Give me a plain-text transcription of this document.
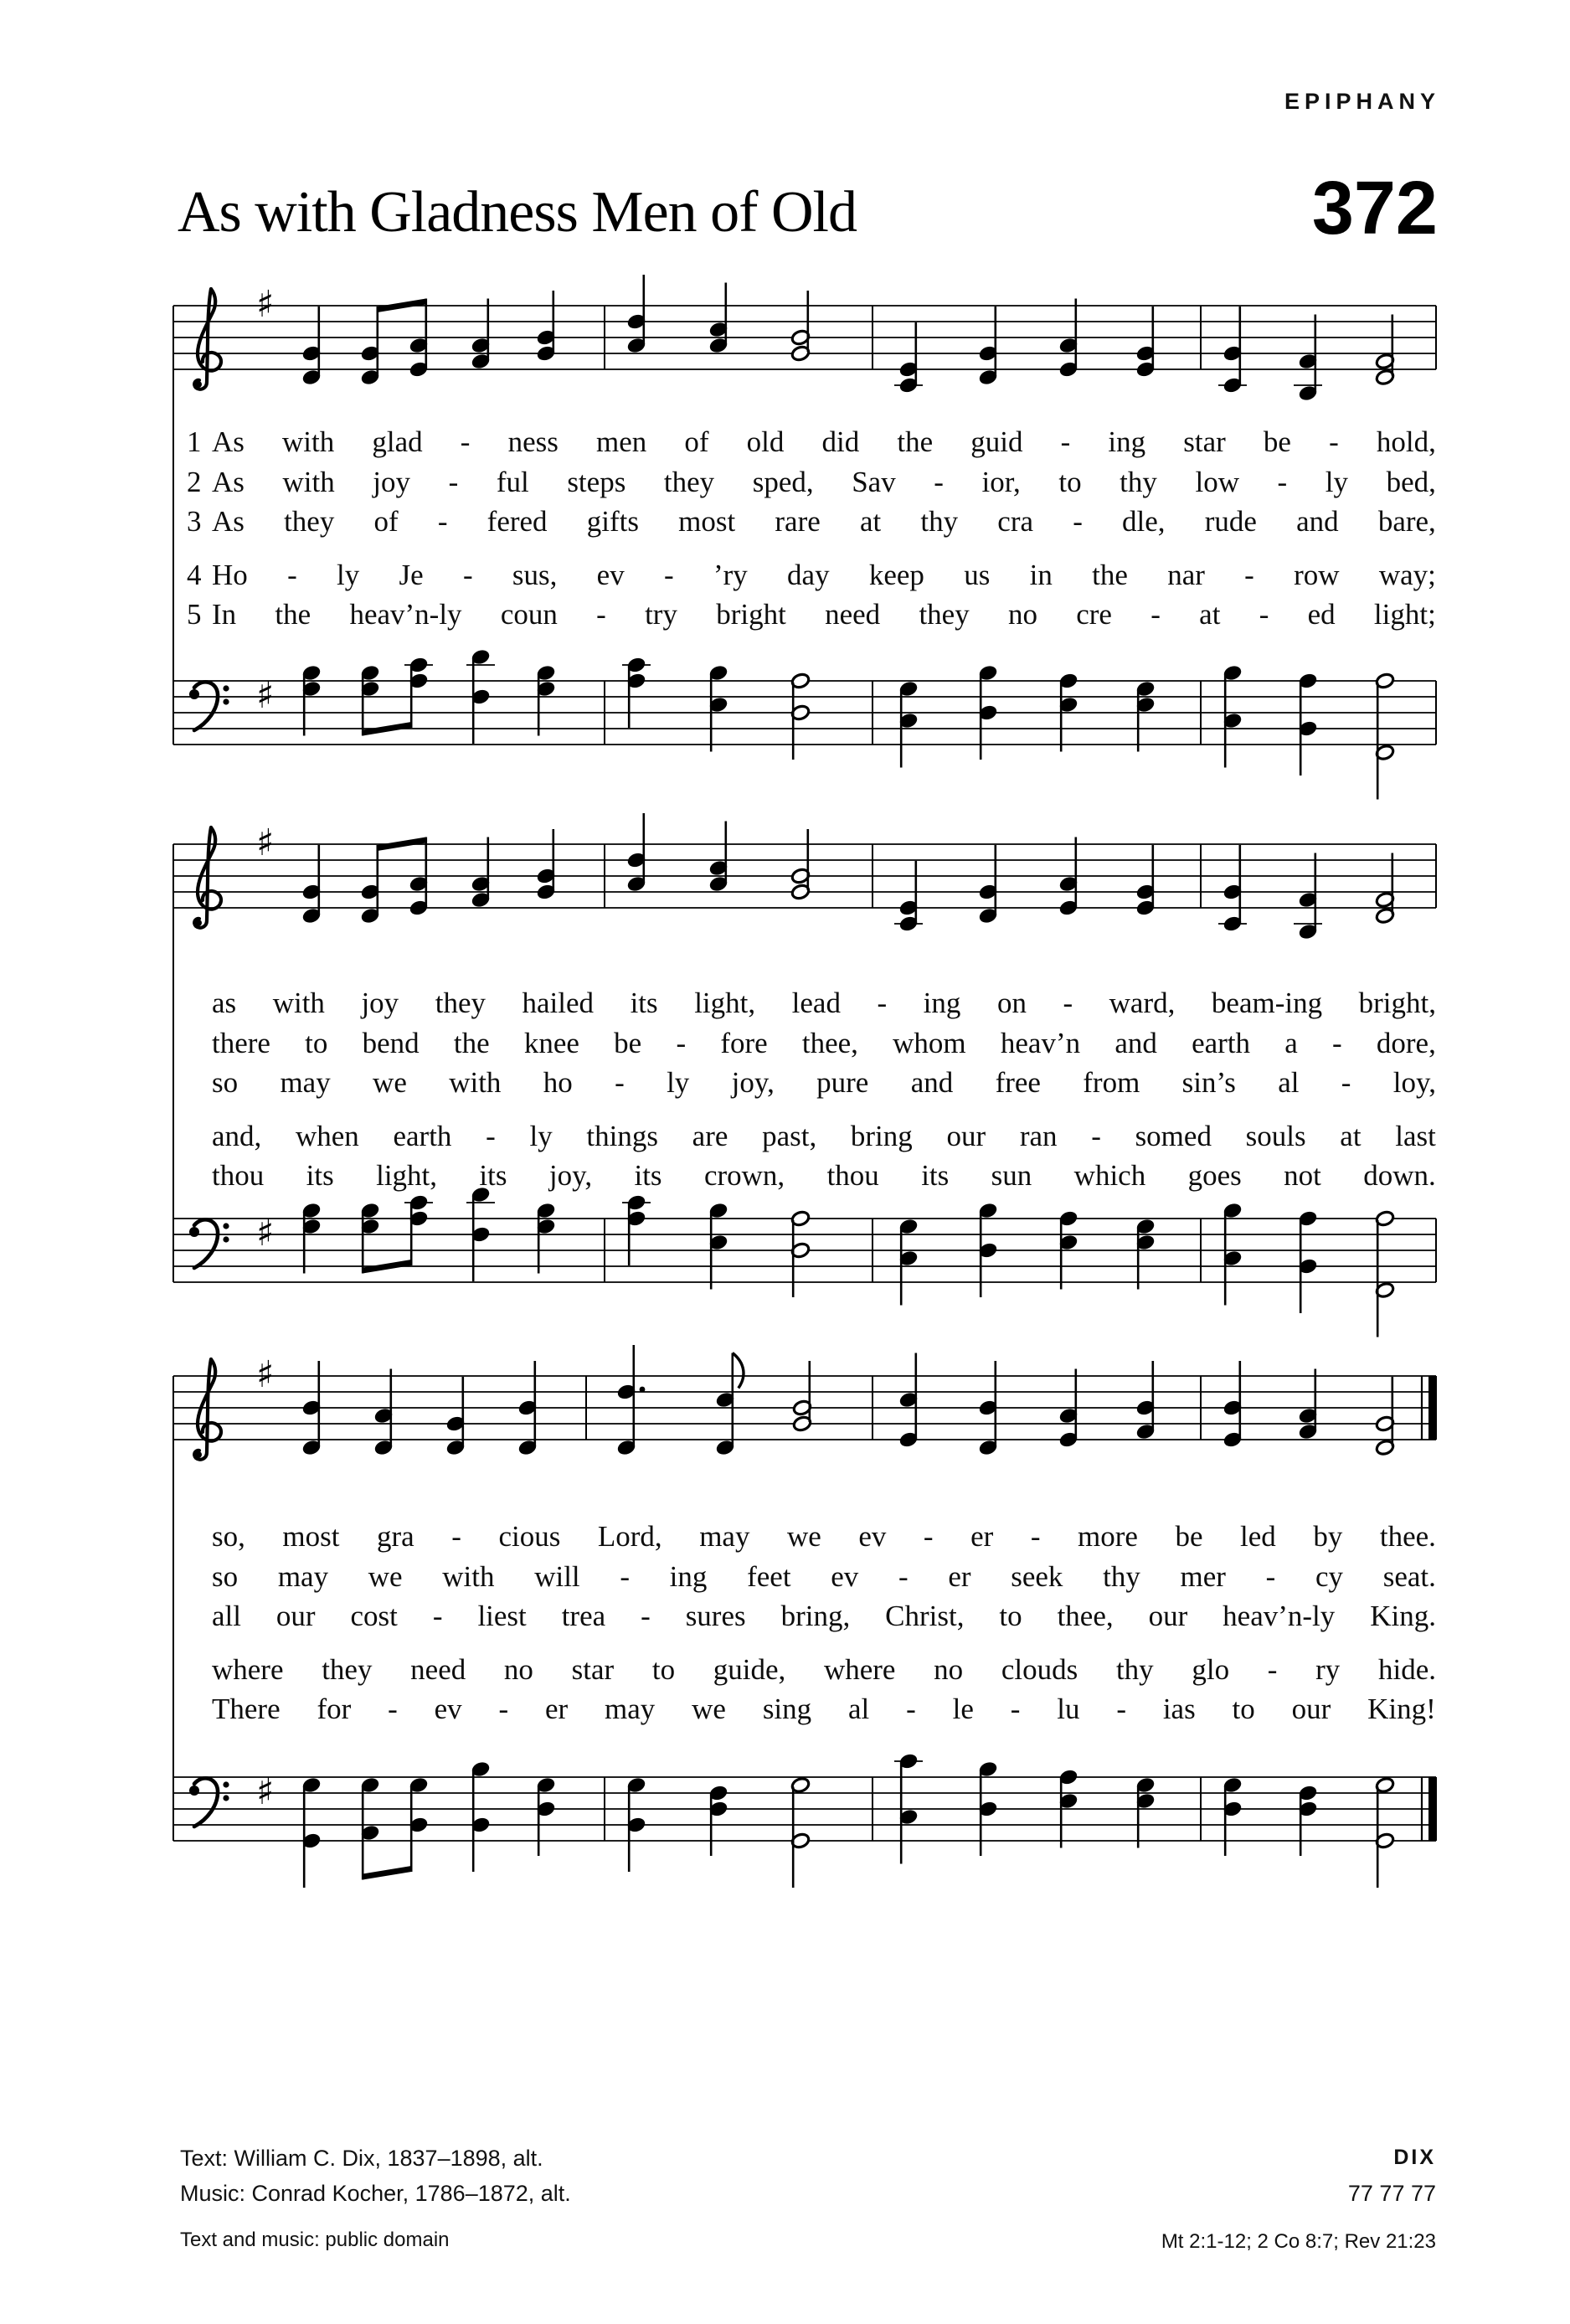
EPIPHANY
As with Gladness Men of Old	372
♯
♯
♯
♯
♯
♯
1 As with glad - ness men of old did the guid - ing star be - hold,
2 As with joy - ful steps they sped, Sav - ior, to thy low - ly bed,
3 As they of - fered gifts most rare at thy cra - dle, rude and bare,
4 Ho - ly Je - sus, ev - ’ry day keep us in the nar - row way;
5 In the heav’n-ly coun - try bright need they no cre - at - ed light;
as with joy they hailed its light, lead - ing on - ward, beam-ing bright,
there to bend the knee be - fore thee, whom heav’n and earth a - dore,
so may we with ho - ly joy, pure and free from sin’s al - loy,
and, when earth - ly things are past, bring our ran - somed souls at last
thou its light, its joy, its crown, thou its sun which goes not down.
so, most gra - cious Lord, may we ev - er - more be led by thee.
so may we with will - ing feet ev - er seek thy mer - cy seat.
all our cost - liest trea - sures bring, Christ, to thee, our heav’n-ly King.
where they need no star to guide, where no clouds thy glo - ry hide.
There for - ev - er may we sing al - le - lu - ias to our King!
Text: William C. Dix, 1837–1898, alt.
Music: Conrad Kocher, 1786–1872, alt.
Text and music: public domain
DIX
77 77 77
Mt 2:1-12; 2 Co 8:7; Rev 21:23
